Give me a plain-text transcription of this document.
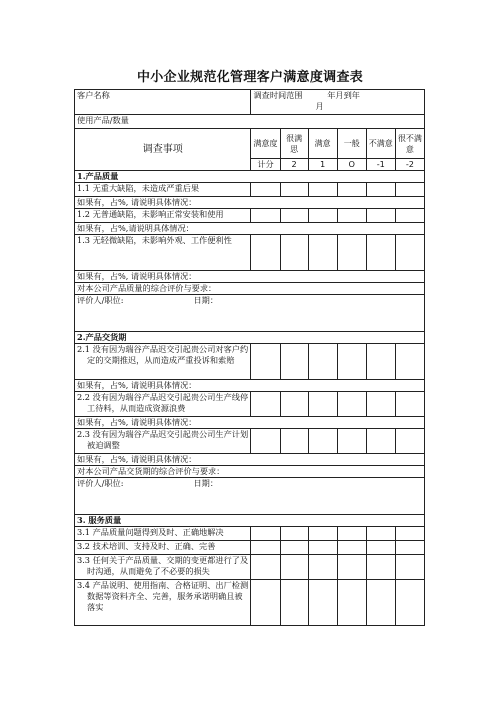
中小企业规范化管理客户满意度调查表
客户名称	调查时间范围 年月到年
月					
使用产品/数量						
调查事项	满意度	很满思	满意	一般	不满意	很不满意
	计分	2	1	O	-1	-2
1.产品质量						
1.1 无重大缺陷，未造成严重后果						
如果有，占%, 请说明具体情况：						
1.2 无普通缺陷，未影响正常安装和使用						
如果有，占%,请说明具体情况：						
1.3 无轻微缺陷，未影响外观、工作便利性						
如果有，占%, 请说明具体情况：						
对本公司产品质量的综合评价与要求：						
评价人/职位: 日期：						
2.产品交货期						
2.1 没有因为瑞谷产品迟交引起贵公司对客户约定的交期推迟，从而造成严重投诉和索赔						
如果有，占%, 请说明具体情况：						
2.2 没有因为瑞谷产品迟交引起贵公司生产线停工待料，从而造成资源浪费						
如果有，占%, 请说明具体情况：						
2.3 没有因为瑞谷产品迟交引起贵公司生产计划被迫调整						
如果有，占%, 请说明具体情况：						
对本公司产品交货期的综合评价与要求：						
评价人/职位: 日期：						
3. 服务质量						
3.1 产品质量问题得到及时、正确地解决						
3.2 技术培训、支持及时、正确、完善						
3.3 任何关于产品质量、交期的变更都进行了及时沟通，从而避免了不必要的损失						
3.4 产品说明、使用指南、合格证明、出厂检测数据等资料齐全、完善，服务承诺明确且被落实						
